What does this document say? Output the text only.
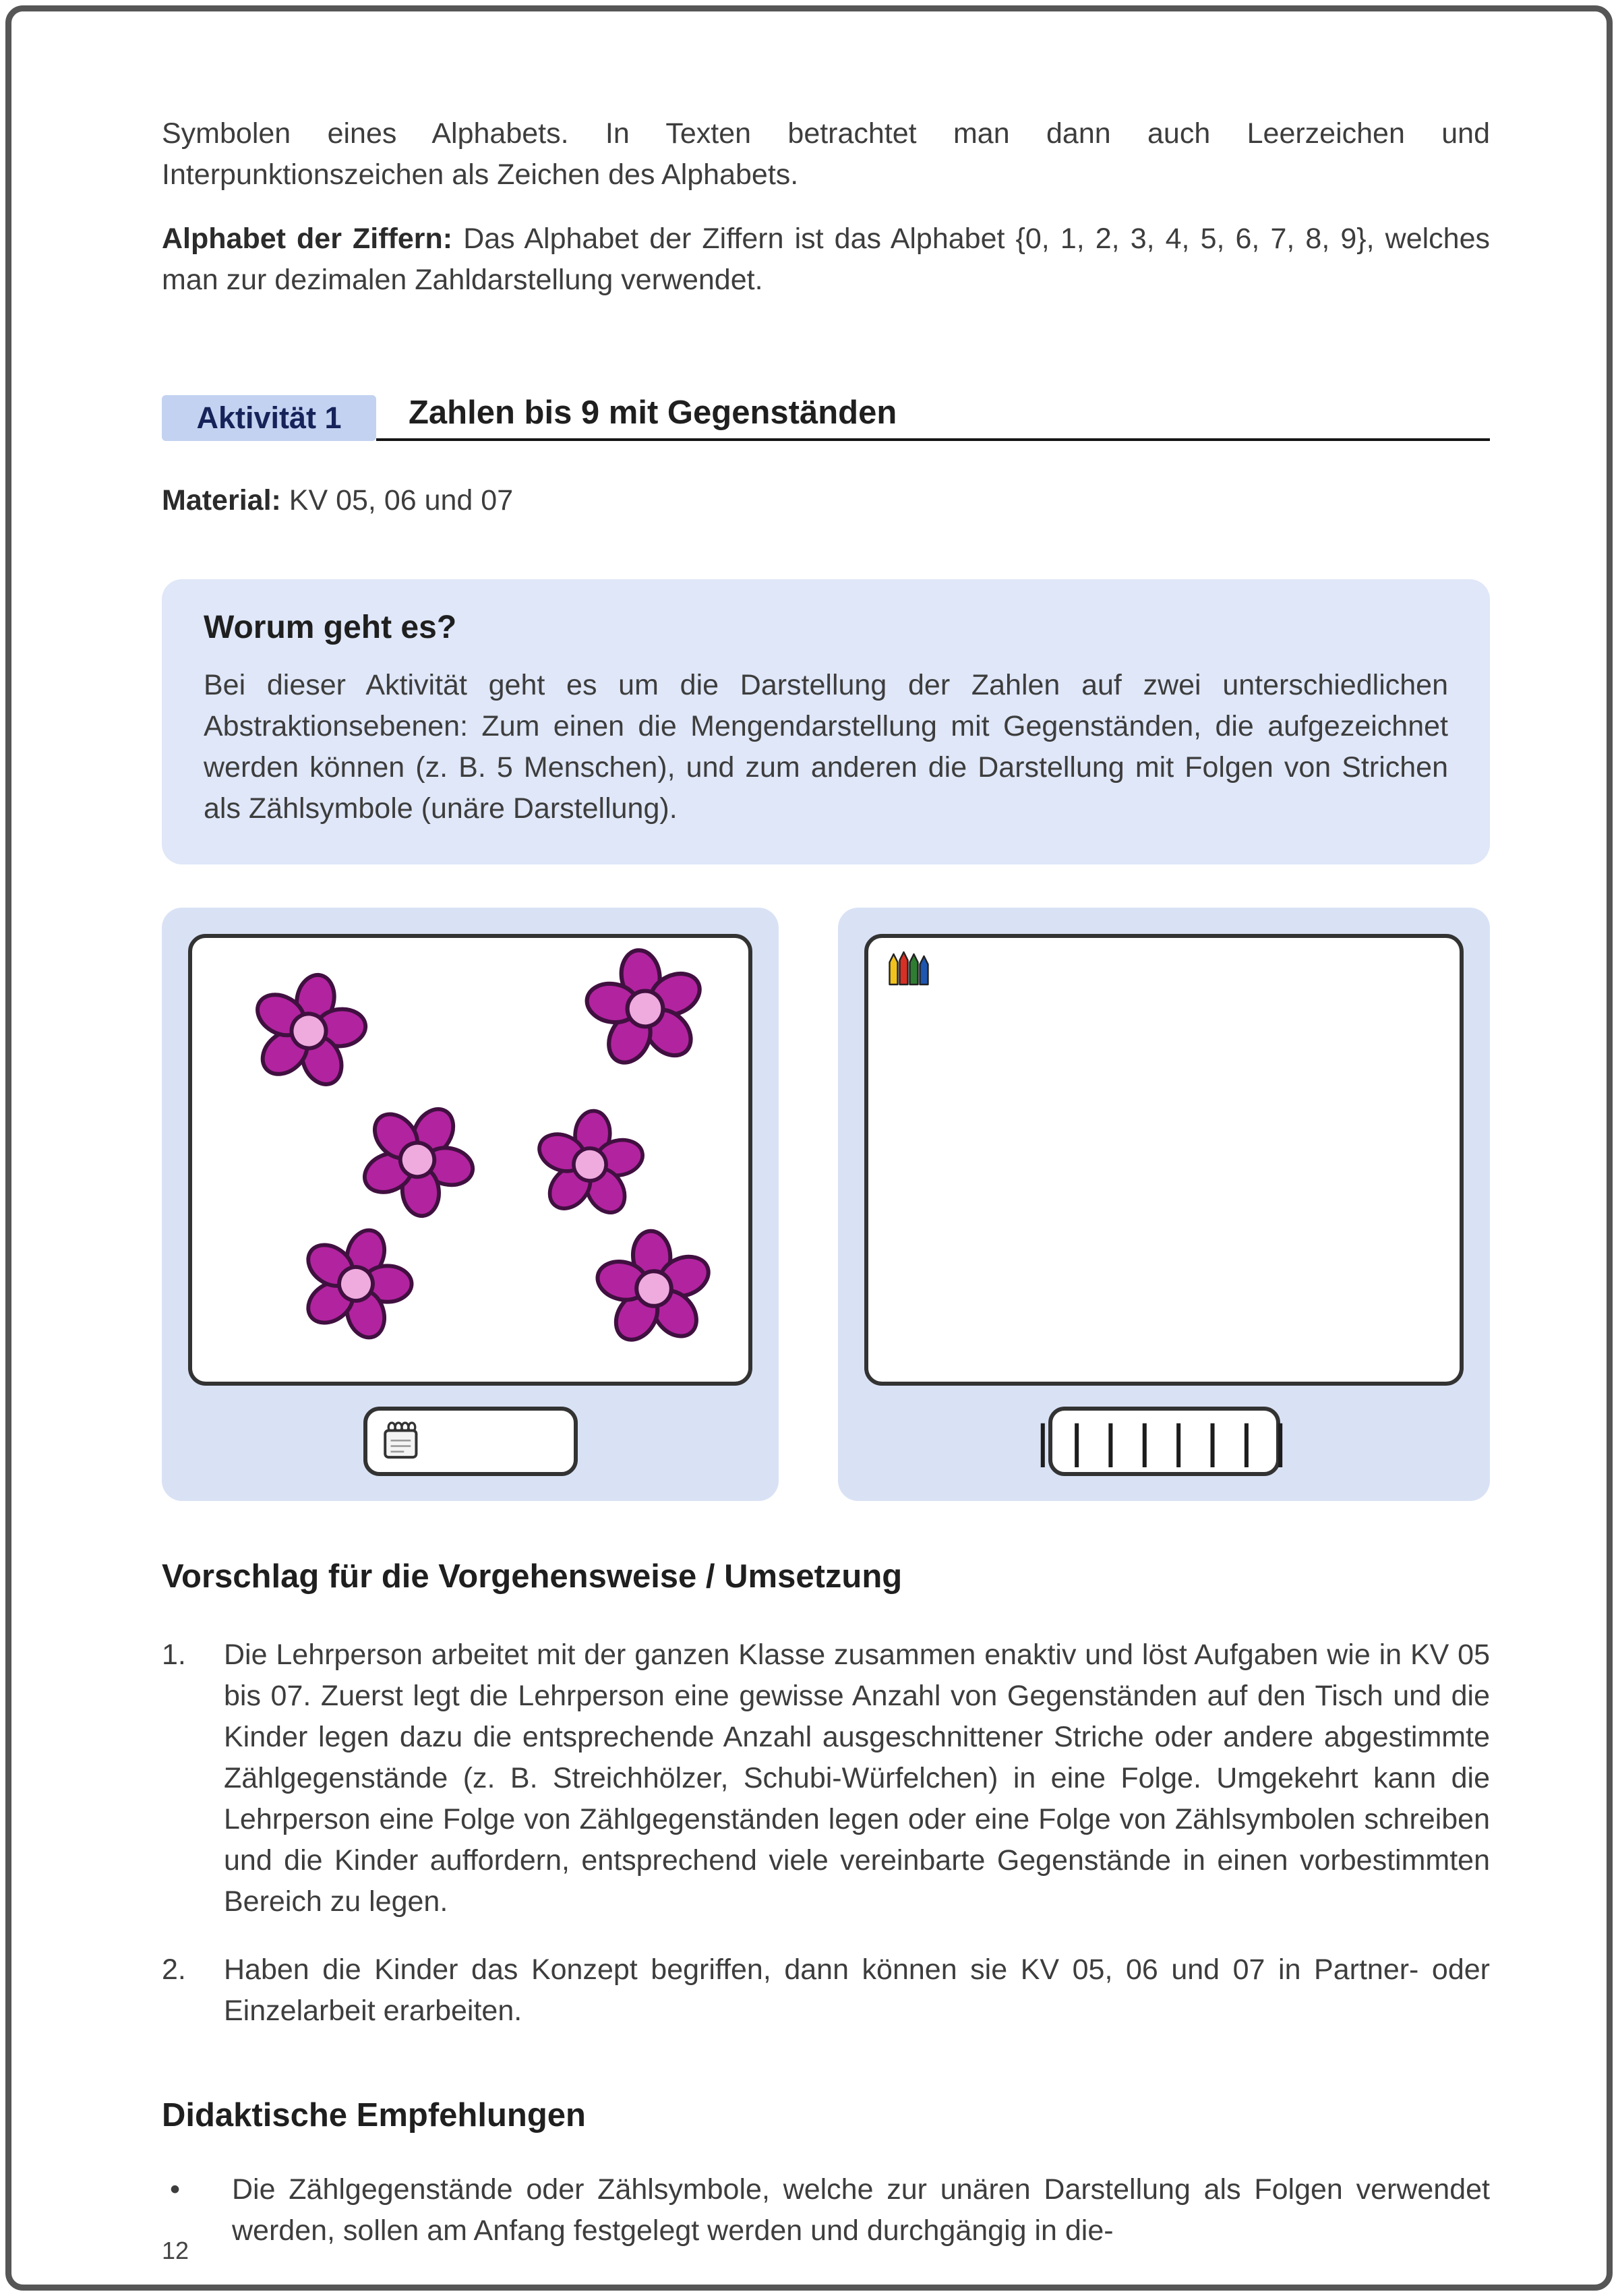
Symbolen eines Alphabets. In Texten betrachtet man dann auch Leerzeichen und Interpunktionszeichen als Zeichen des Alphabets.

Alphabet der Ziffern: Das Alphabet der Ziffern ist das Alphabet {0, 1, 2, 3, 4, 5, 6, 7, 8, 9}, welches man zur dezimalen Zahldarstellung verwendet.

Aktivität 1	Zahlen bis 9 mit Gegenständen

Material: KV 05, 06 und 07

Worum geht es?

Bei dieser Aktivität geht es um die Darstellung der Zahlen auf zwei unterschiedlichen Abstraktionsebenen: Zum einen die Mengendarstellung mit Gegenständen, die aufgezeichnet werden können (z. B. 5 Menschen), und zum anderen die Darstellung mit Folgen von Strichen als Zählsymbole (unäre Darstellung).

||||||||
Vorschlag für die Vorgehensweise / Umsetzung
1.	Die Lehrperson arbeitet mit der ganzen Klasse zusammen enaktiv und löst Aufgaben wie in KV 05 bis 07. Zuerst legt die Lehrperson eine gewisse Anzahl von Gegenständen auf den Tisch und die Kinder legen dazu die entsprechende Anzahl ausgeschnittener Striche oder andere abgestimmte Zählgegenstände (z. B. Streichhölzer, Schubi-Würfelchen) in eine Folge. Umgekehrt kann die Lehrperson eine Folge von Zählgegenständen legen oder eine Folge von Zählsymbolen schreiben und die Kinder auffordern, entsprechend viele vereinbarte Gegenstände in einen vorbestimmten Bereich zu legen.
2.	Haben die Kinder das Konzept begriffen, dann können sie KV 05, 06 und 07 in Partner- oder Einzelarbeit erarbeiten.
Didaktische Empfehlungen
•	Die Zählgegenstände oder Zählsymbole, welche zur unären Darstellung als Folgen verwendet werden, sollen am Anfang festgelegt werden und durchgängig in die-
12
